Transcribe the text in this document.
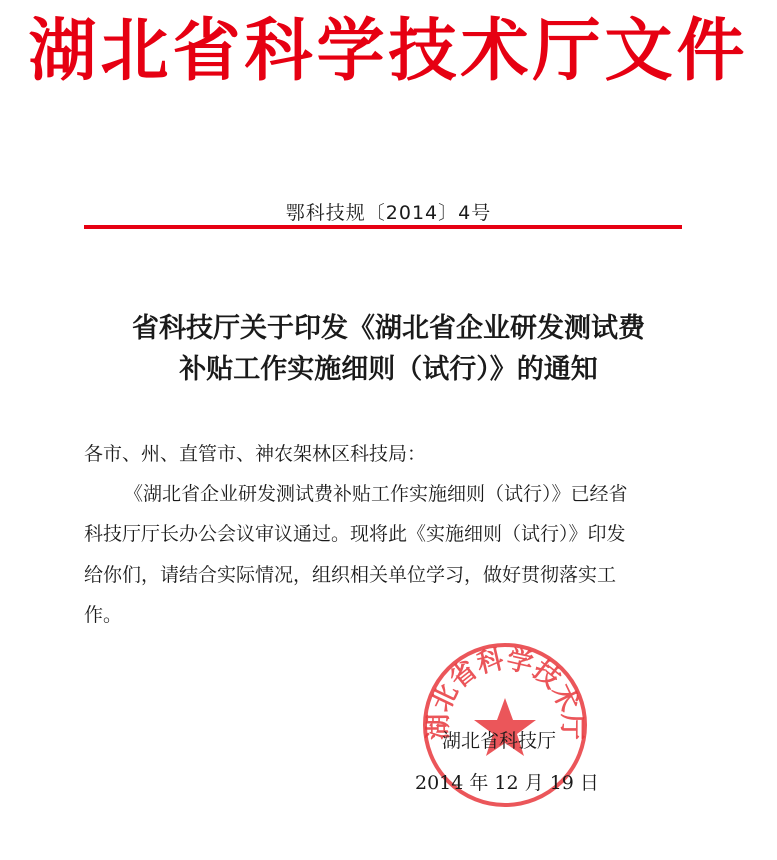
湖北省科学技术厅文件
鄂科技规〔2014〕4号
省科技厅关于印发《湖北省企业研发测试费
补贴工作实施细则（试行）》的通知
各市、州、直管市、神农架林区科技局：
《湖北省企业研发测试费补贴工作实施细则（试行）》已经省
科技厅厅长办公会议审议通过。现将此《实施细则（试行）》印发
给你们，请结合实际情况，组织相关单位学习，做好贯彻落实工
作。
湖北省科学技术厅
湖北省科技厅
2014 年 12 月 19 日
